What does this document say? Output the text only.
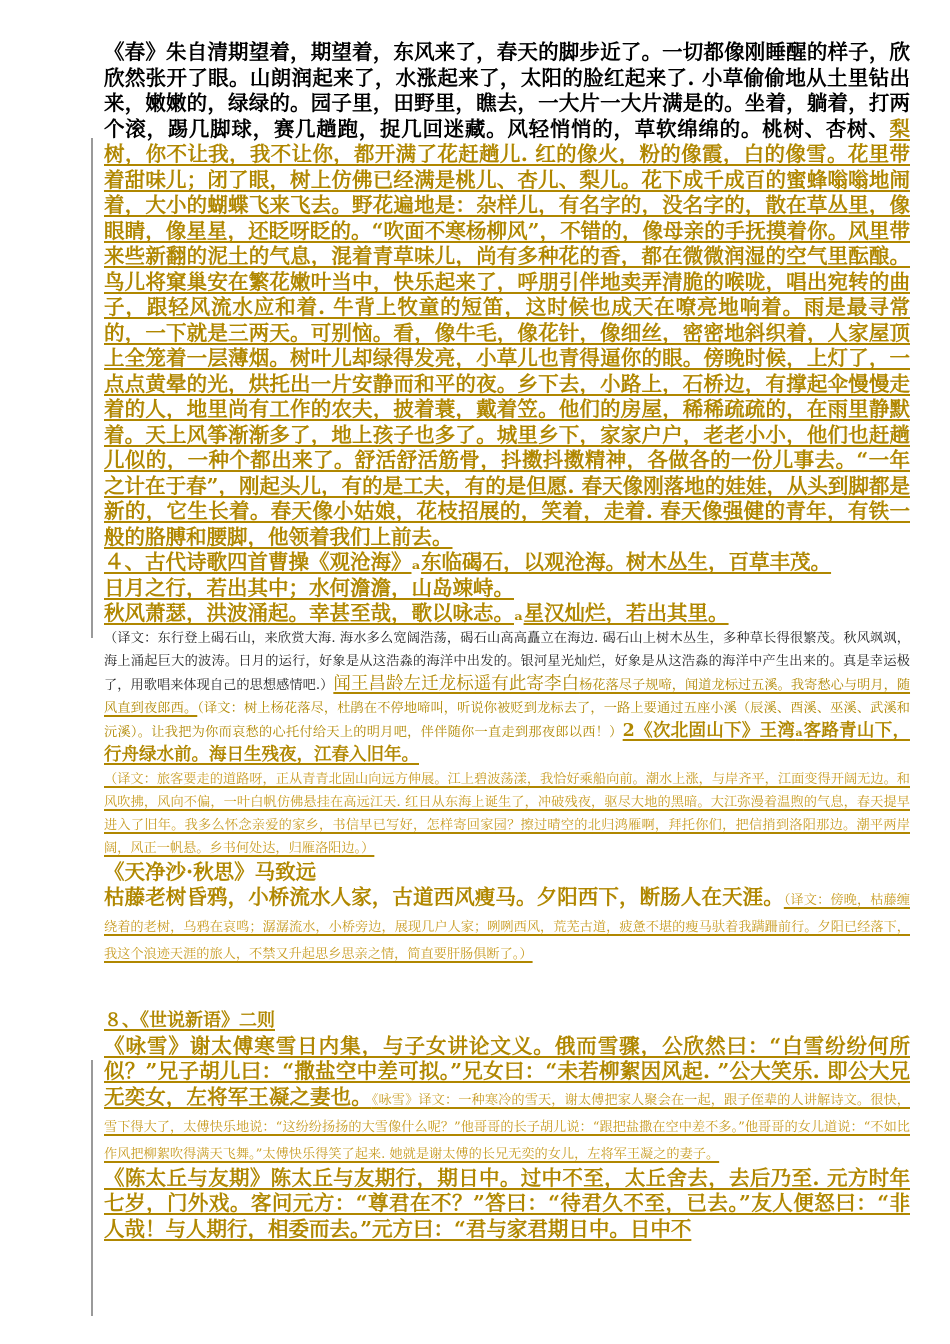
《春》朱自清期望着，期望着，东风来了，春天的脚步近了。一切都像刚睡醒的样子，欣欣然张开了眼。山朗润起来了，水涨起来了，太阳的脸红起来了. 小草偷偷地从土里钻出来，嫩嫩的，绿绿的。园子里，田野里，瞧去，一大片一大片满是的。坐着，躺着，打两个滚，踢几脚球，赛几趟跑，捉几回迷藏。风轻悄悄的，草软绵绵的。桃树、杏树、梨树，你不让我，我不让你，都开满了花赶趟儿. 红的像火，粉的像霞，白的像雪。花里带着甜味儿；闭了眼，树上仿佛已经满是桃儿、杏儿、梨儿。花下成千成百的蜜蜂嗡嗡地闹着，大小的蝴蝶飞来飞去。野花遍地是：杂样儿，有名字的，没名字的，散在草丛里，像眼睛，像星星，还眨呀眨的。“吹面不寒杨柳风”，不错的，像母亲的手抚摸着你。风里带来些新翻的泥土的气息，混着青草味儿，尚有多种花的香，都在微微润湿的空气里酝酿。鸟儿将窠巢安在繁花嫩叶当中，快乐起来了，呼朋引伴地卖弄清脆的喉咙，唱出宛转的曲子，跟轻风流水应和着. 牛背上牧童的短笛，这时候也成天在嘹亮地响着。雨是最寻常的，一下就是三两天。可别恼。看，像牛毛，像花针，像细丝，密密地斜织着，人家屋顶上全笼着一层薄烟。树叶儿却绿得发亮，小草儿也青得逼你的眼。傍晚时候，上灯了，一点点黄晕的光，烘托出一片安静而和平的夜。乡下去，小路上，石桥边，有撑起伞慢慢走着的人，地里尚有工作的农夫，披着蓑，戴着笠。他们的房屋，稀稀疏疏的，在雨里静默着。天上风筝渐渐多了，地上孩子也多了。城里乡下，家家户户，老老小小，他们也赶趟儿似的，一种个都出来了。舒活舒活筋骨，抖擞抖擞精神，各做各的一份儿事去。“一年之计在于春”，刚起头儿，有的是工夫，有的是但愿. 春天像刚落地的娃娃，从头到脚都是新的，它生长着。春天像小姑娘，花枝招展的，笑着，走着. 春天像强健的青年，有铁一般的胳膊和腰脚，他领着我们上前去。

４、古代诗歌四首曹操《观沧海》ₐ东临碣石，以观沧海。树木丛生，百草丰茂。
日月之行，若出其中；水何澹澹，山岛竦峙。
秋风萧瑟，洪波涌起。幸甚至哉，歌以咏志。ₐ星汉灿烂，若出其里。

（译文：东行登上碣石山，来欣赏大海. 海水多么宽阔浩荡，碣石山高高矗立在海边. 碣石山上树木丛生，多种草长得很繁茂。秋风飒飒，海上涌起巨大的波涛。日月的运行，好象是从这浩淼的海洋中出发的。银河星光灿烂，好象是从这浩淼的海洋中产生出来的。真是幸运极了，用歌唱来体现自己的思想感情吧.）闻王昌龄左迁龙标遥有此寄李白杨花落尽子规啼，闻道龙标过五溪。我寄愁心与明月，随风直到夜郎西。（译文：树上杨花落尽，杜鹃在不停地啼叫，听说你被贬到龙标去了，一路上要通过五座小溪（辰溪、酉溪、巫溪、武溪和沅溪）。让我把为你而哀愁的心托付给天上的明月吧，伴伴随你一直走到那夜郎以西！）2《次北固山下》王湾ₐ客路青山下，行舟绿水前。海日生残夜，江春入旧年。

（译文：旅客要走的道路呀，正从青青北固山向远方伸展。江上碧波荡漾，我恰好乘船向前。潮水上涨，与岸齐平，江面变得开阔无边。和风吹拂，风向不偏，一叶白帆仿佛悬挂在高远江天. 红日从东海上诞生了，冲破残夜，驱尽大地的黑暗。大江弥漫着温煦的气息，春天提早进入了旧年。我多么怀念亲爱的家乡，书信早已写好，怎样寄回家园？擦过晴空的北归鸿雁啊，拜托你们，把信捎到洛阳那边。潮平两岸阔，风正一帆悬。乡书何处达，归雁洛阳边。）

《天净沙·秋思》马致远

枯藤老树昏鸦，小桥流水人家，古道西风瘦马。夕阳西下，断肠人在天涯。（译文：傍晚，枯藤缠绕着的老树，乌鸦在哀鸣；潺潺流水，小桥旁边，展现几户人家；咧咧西风，荒芜古道，疲惫不堪的瘦马驮着我蹒跚前行。夕阳已经落下，我这个浪迹天涯的旅人，不禁又升起思乡思亲之情，简直要肝肠俱断了。）

８、《世说新语》二则

《咏雪》谢太傅寒雪日内集，与子女讲论文义。俄而雪骤，公欣然曰：“白雪纷纷何所似？”兄子胡儿曰：“撒盐空中差可拟。”兄女曰：“未若柳絮因风起. ”公大笑乐. 即公大兄无奕女，左将军王凝之妻也。《咏雪》译文：一种寒冷的雪天，谢太傅把家人聚会在一起，跟子侄辈的人讲解诗文。很快，雪下得大了，太傅快乐地说：“这纷纷扬扬的大雪像什么呢？”他哥哥的长子胡儿说：“跟把盐撒在空中差不多。”他哥哥的女儿道说：“不如比作风把柳絮吹得满天飞舞。”太傅快乐得笑了起来. 她就是谢太傅的长兄无奕的女儿，左将军王凝之的妻子。

《陈太丘与友期》陈太丘与友期行，期日中。过中不至，太丘舍去，去后乃至. 元方时年七岁，门外戏。客问元方：“尊君在不？”答曰：“待君久不至，已去。”友人便怒曰：“非人哉！与人期行，相委而去。”元方曰：“君与家君期日中。日中不
